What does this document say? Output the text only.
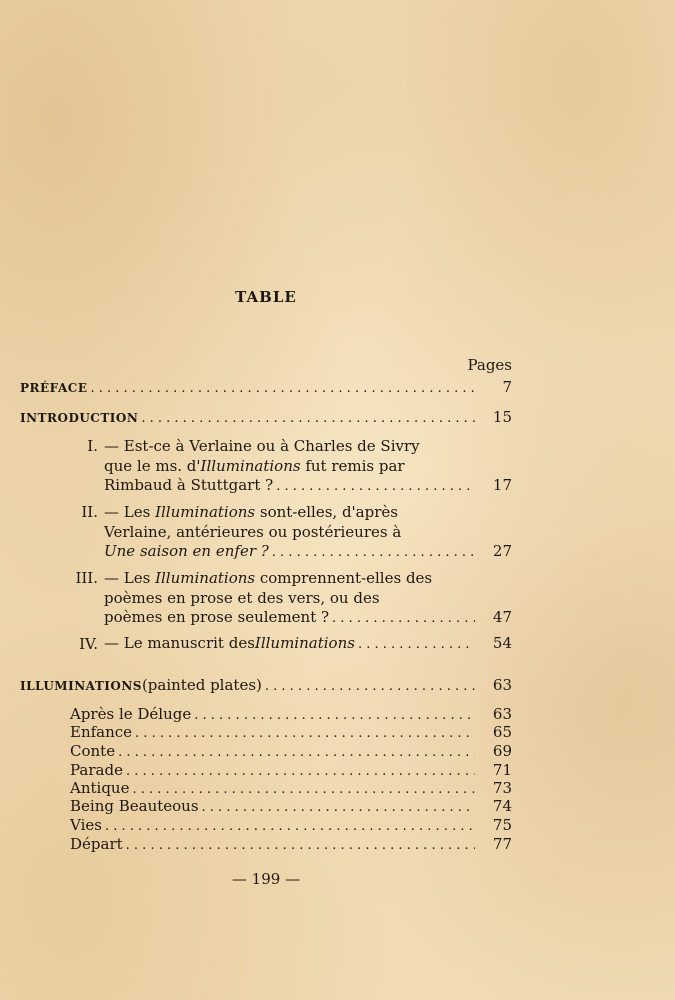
TABLE
Pages
PRÉFACE . . .	7
INTRODUCTION . . .	15
I. — Est-ce à Verlaine ou à Charles de Sivry
que le ms. d'Illuminations fut remis par
Rimbaud à Stuttgart ? . . .	17
II. — Les Illuminations sont-elles, d'après
Verlaine, antérieures ou postérieures à
Une saison en enfer ? . . .	27
III. — Les Illuminations comprennent-elles des
poèmes en prose et des vers, ou des
poèmes en prose seulement ? . . .	47
IV. — Le manuscrit des Illuminations . . .	54
ILLUMINATIONS (painted plates) . . .	63
Après le Déluge . . .	63
Enfance . . .	65
Conte . . .	69
Parade . . .	71
Antique . . .	73
Being Beauteous . . .	74
Vies . . .	75
Départ . . .	77
— 199 —
